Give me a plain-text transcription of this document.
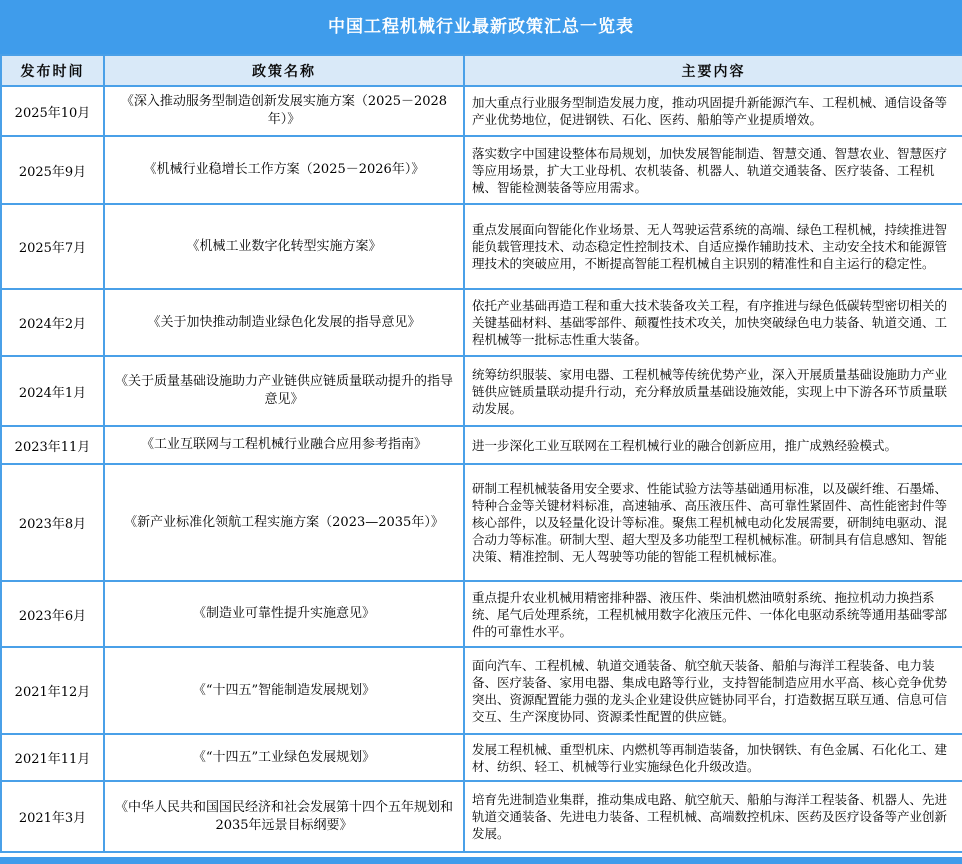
中国工程机械行业最新政策汇总一览表
发布时间	政策名称	主要内容
2025年10月	《深入推动服务型制造创新发展实施方案（2025－2028年）》	加大重点行业服务型制造发展力度，推动巩固提升新能源汽车、工程机械、通信设备等产业优势地位，促进钢铁、石化、医药、船舶等产业提质增效。
2025年9月	《机械行业稳增长工作方案（2025－2026年）》	落实数字中国建设整体布局规划，加快发展智能制造、智慧交通、智慧农业、智慧医疗等应用场景，扩大工业母机、农机装备、机器人、轨道交通装备、医疗装备、工程机械、智能检测装备等应用需求。
2025年7月	《机械工业数字化转型实施方案》	重点发展面向智能化作业场景、无人驾驶运营系统的高端、绿色工程机械，持续推进智能负载管理技术、动态稳定性控制技术、自适应操作辅助技术、主动安全技术和能源管理技术的突破应用，不断提高智能工程机械自主识别的精准性和自主运行的稳定性。
2024年2月	《关于加快推动制造业绿色化发展的指导意见》	依托产业基础再造工程和重大技术装备攻关工程，有序推进与绿色低碳转型密切相关的关键基础材料、基础零部件、颠覆性技术攻关，加快突破绿色电力装备、轨道交通、工程机械等一批标志性重大装备。
2024年1月	《关于质量基础设施助力产业链供应链质量联动提升的指导意见》	统筹纺织服装、家用电器、工程机械等传统优势产业，深入开展质量基础设施助力产业链供应链质量联动提升行动，充分释放质量基础设施效能，实现上中下游各环节质量联动发展。
2023年11月	《工业互联网与工程机械行业融合应用参考指南》	进一步深化工业互联网在工程机械行业的融合创新应用，推广成熟经验模式。
2023年8月	《新产业标准化领航工程实施方案（2023—2035年）》	研制工程机械装备用安全要求、性能试验方法等基础通用标准，以及碳纤维、石墨烯、特种合金等关键材料标准，高速轴承、高压液压件、高可靠性紧固件、高性能密封件等核心部件，以及轻量化设计等标准。聚焦工程机械电动化发展需要，研制纯电驱动、混合动力等标准。研制大型、超大型及多功能型工程机械标准。研制具有信息感知、智能决策、精准控制、无人驾驶等功能的智能工程机械标准。
2023年6月	《制造业可靠性提升实施意见》	重点提升农业机械用精密排种器、液压件、柴油机燃油喷射系统、拖拉机动力换挡系统、尾气后处理系统，工程机械用数字化液压元件、一体化电驱动系统等通用基础零部件的可靠性水平。
2021年12月	《“十四五”智能制造发展规划》	面向汽车、工程机械、轨道交通装备、航空航天装备、船舶与海洋工程装备、电力装备、医疗装备、家用电器、集成电路等行业，支持智能制造应用水平高、核心竞争优势突出、资源配置能力强的龙头企业建设供应链协同平台，打造数据互联互通、信息可信交互、生产深度协同、资源柔性配置的供应链。
2021年11月	《“十四五”工业绿色发展规划》	发展工程机械、重型机床、内燃机等再制造装备，加快钢铁、有色金属、石化化工、建材、纺织、轻工、机械等行业实施绿色化升级改造。
2021年3月	《中华人民共和国国民经济和社会发展第十四个五年规划和2035年远景目标纲要》	培育先进制造业集群，推动集成电路、航空航天、船舶与海洋工程装备、机器人、先进轨道交通装备、先进电力装备、工程机械、高端数控机床、医药及医疗设备等产业创新发展。
